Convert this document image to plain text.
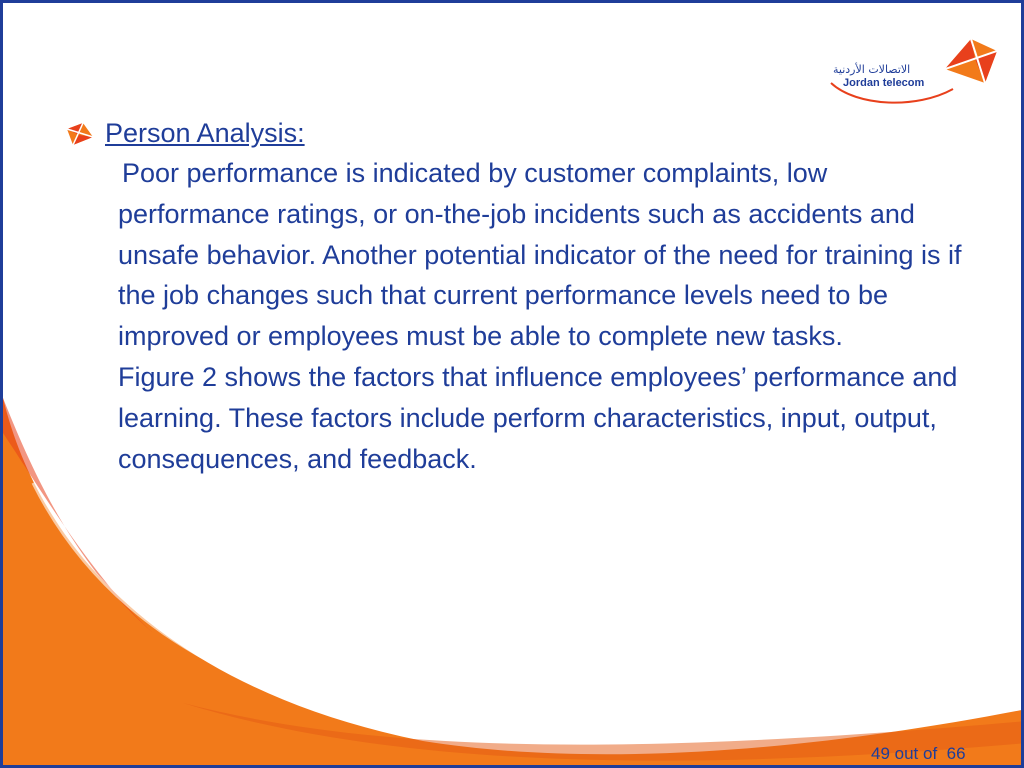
الاتصالات الأردنية
Jordan telecom
Person Analysis:

Poor performance is indicated by customer complaints, low performance ratings, or on-the-job incidents such as accidents and unsafe behavior. Another potential indicator of the need for training is if the job changes such that current performance levels need to be improved or employees must be able to complete new tasks.

Figure 2 shows the factors that influence employees’ performance and learning. These factors include perform characteristics, input, output, consequences, and feedback.

49 out of  66
